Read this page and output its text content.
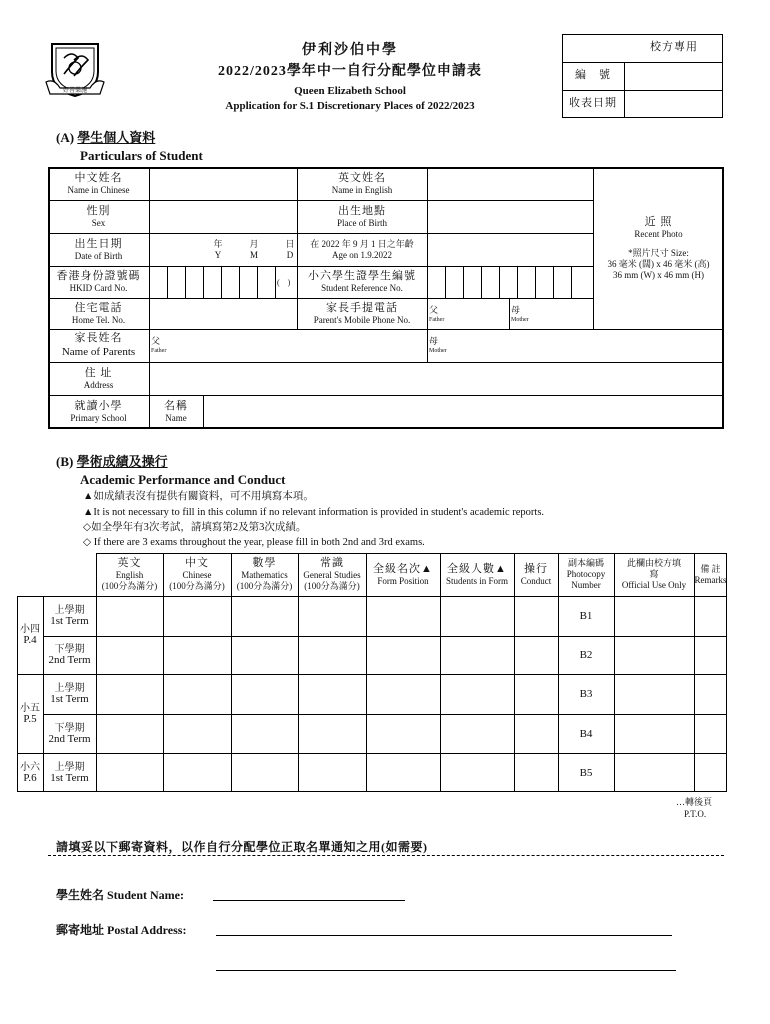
好善樂施
伊利沙伯中學
2022/2023學年中一自行分配學位申請表
Queen Elizabeth School
Application for S.1 Discretionary Places of 2022/2023
校方專用
編　號
收表日期
(A) 學生個人資料
Particulars of Student
中文姓名
Name in Chinese
英文姓名
Name in English
性別
Sex
出生地點
Place of Birth
出生日期
Date of Birth
年
Y
月
M
日
D
在 2022 年 9 月 1 日之年齡
Age on 1.9.2022
香港身份證號碼
HKID Card No.
(　)
小六學生證學生編號
Student Reference No.
住宅電話
Home Tel. No.
家長手提電話
Parent's Mobile Phone No.
父
Father
母
Mother
近 照
Recent Photo
*照片尺寸 Size:
36 毫米 (闊) x 46 毫米 (高)
36 mm (W) x 46 mm (H)
家長姓名
Name of Parents
父
Father
母
Mother
住 址
Address
就讀小學
Primary School
名稱
Name
(B) 學術成績及操行
Academic Performance and Conduct
▲如成績表沒有提供有關資料，可不用填寫本項。
▲It is not necessary to fill in this column if no relevant information is provided in student's academic reports.
◇如全學年有3次考試，請填寫第2及第3次成績。
◇ If there are 3 exams throughout the year, please fill in both 2nd and 3rd exams.
英文
English
(100分為滿分)
中文
Chinese
(100分為滿分)
數學
Mathematics
(100分為滿分)
常識
General Studies
(100分為滿分)
全級名次▲
Form Position
全級人數▲
Students in Form
操行
Conduct
副本編碼
Photocopy Number
此欄由校方填寫
Official Use Only
備 註
Remarks
小四
P.4
小五
P.5
小六
P.6
上學期
1st Term
下學期
2nd Term
上學期
1st Term
下學期
2nd Term
上學期
1st Term
B1
B2
B3
B4
B5
…轉後頁
P.T.O.
請填妥以下郵寄資料，以作自行分配學位正取名單通知之用(如需要)
學生姓名 Student Name:
郵寄地址 Postal Address:
